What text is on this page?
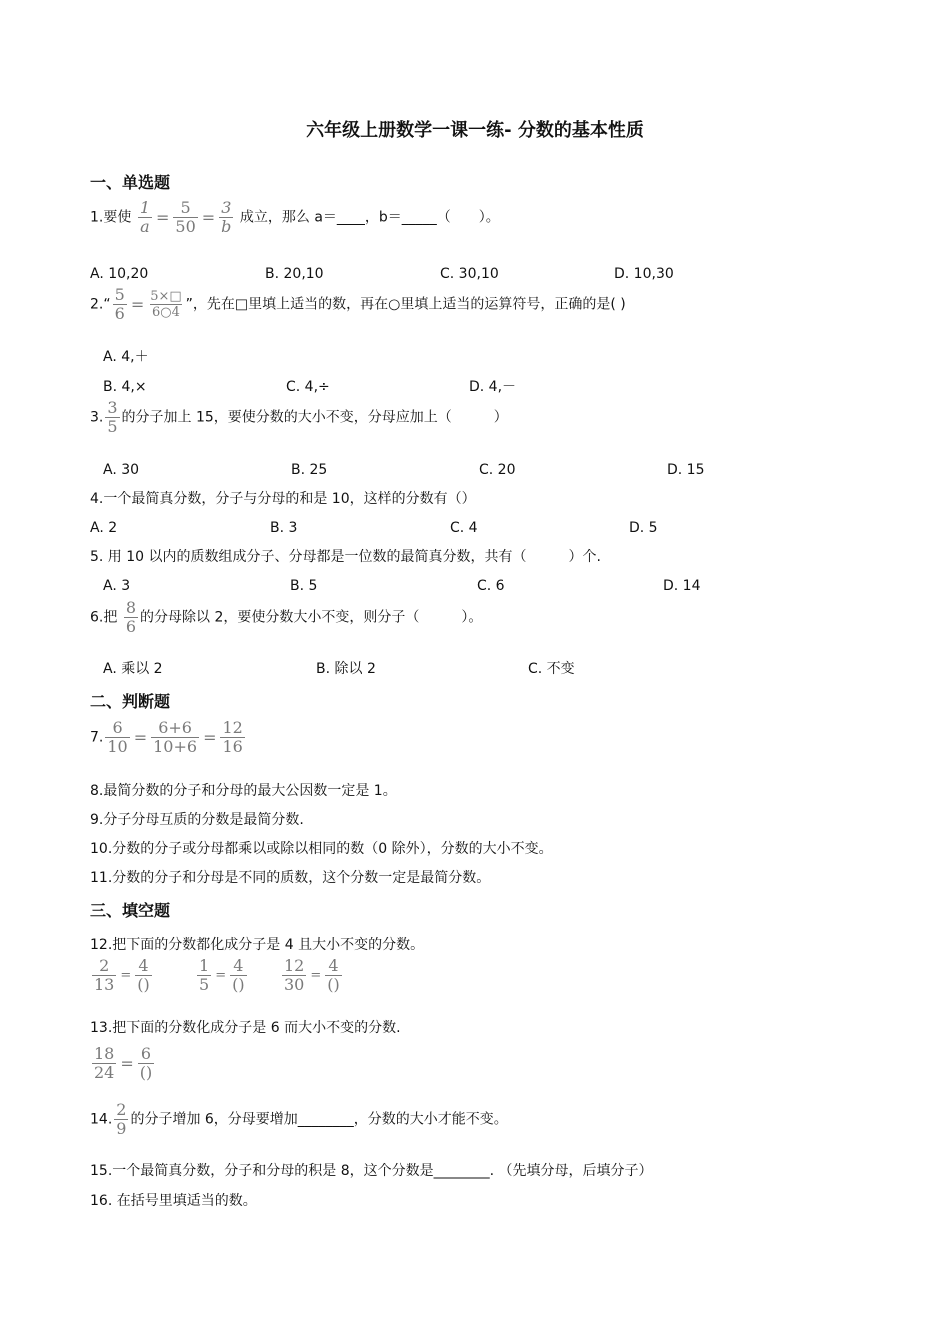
六年级上册数学一课一练- 分数的基本性质
一、单选题
1.要使 $\frac{1}{a} = \frac{5}{50} = \frac{3}{b}$ 成立，那么 a＝____，b＝_____（　　）。
A. 10,20	B. 20,10	C. 30,10	D. 10,30
2.“ $\frac{5}{6} = \frac{5\times□}{6○4}$ ”，先在□里填上适当的数，再在○里填上适当的运算符号，正确的是( )
A. 4,＋
B. 4,×	C. 4,÷	D. 4,－
3. $\frac{3}{5}$ 的分子加上 15，要使分数的大小不变，分母应加上（　　　）
A. 30	B. 25	C. 20	D. 15
4.一个最简真分数，分子与分母的和是 10，这样的分数有（）
A. 2	B. 3	C. 4	D. 5
5. 用 10 以内的质数组成分子、分母都是一位数的最简真分数，共有（　　　）个.
A. 3	B. 5	C. 6	D. 14
6.把 $\frac{8}{6}$ 的分母除以 2，要使分数大小不变，则分子（　　　）。
A. 乘以 2	B. 除以 2	C. 不变
二、判断题
7. $\frac{6}{10} = \frac{6+6}{10+6} = \frac{12}{16}$
8.最简分数的分子和分母的最大公因数一定是 1。
9.分子分母互质的分数是最简分数.
10.分数的分子或分母都乘以或除以相同的数（0 除外），分数的大小不变。
11.分数的分子和分母是不同的质数，这个分数一定是最简分数。
三、填空题
12.把下面的分数都化成分子是 4 且大小不变的分数。
$\frac{2}{13} = \frac{4}{()}$	$\frac{1}{5} = \frac{4}{()} \frac{12}{30} = \frac{4}{()}$
13.把下面的分数化成分子是 6 而大小不变的分数.
$\frac{18}{24} = \frac{6}{()}$
14. $\frac{2}{9}$ 的分子增加 6，分母要增加________，分数的大小才能不变。
15.一个最简真分数，分子和分母的积是 8，这个分数是________. （先填分母，后填分子）
16. 在括号里填适当的数。
